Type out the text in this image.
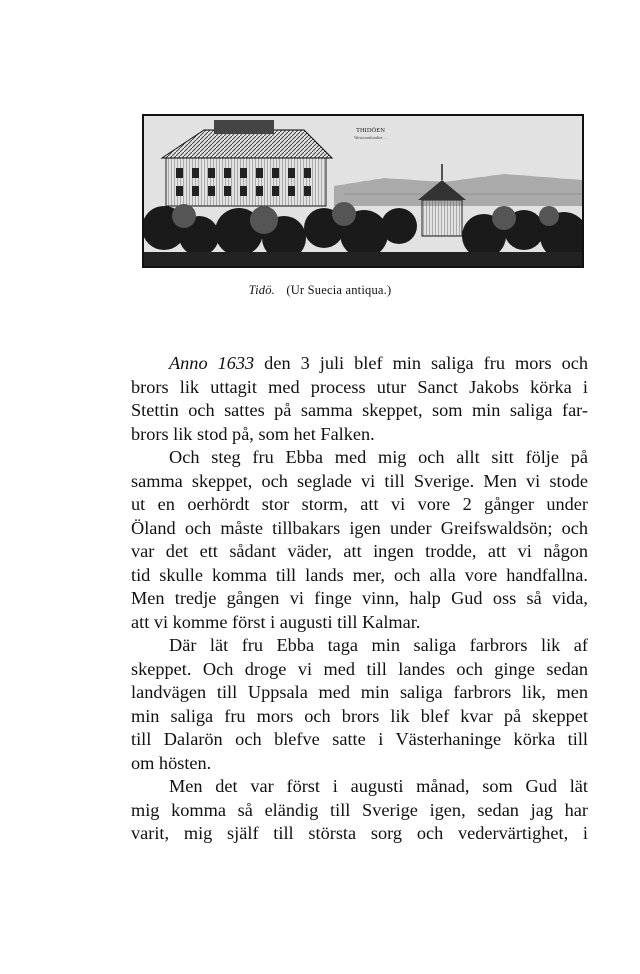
THIDÖEN
Westmanlandiæ ...
Tidö. (Ur Suecia antiqua.)
Anno 1633 den 3 juli blef min saliga fru mors och
brors lik uttagit med process utur Sanct Jakobs körka i
Stettin och sattes på samma skeppet, som min saliga far-
brors lik stod på, som het Falken.
Och steg fru Ebba med mig och allt sitt följe på
samma skeppet, och seglade vi till Sverige. Men vi stode
ut en oerhördt stor storm, att vi vore 2 gånger under
Öland och måste tillbakars igen under Greifswaldsön; och
var det ett sådant väder, att ingen trodde, att vi någon
tid skulle komma till lands mer, och alla vore handfallna.
Men tredje gången vi finge vinn, halp Gud oss så vida,
att vi komme först i augusti till Kalmar.
Där lät fru Ebba taga min saliga farbrors lik af
skeppet. Och droge vi med till landes och ginge sedan
landvägen till Uppsala med min saliga farbrors lik, men
min saliga fru mors och brors lik blef kvar på skeppet
till Dalarön och blefve satte i Västerhaninge körka till
om hösten.
Men det var först i augusti månad, som Gud lät
mig komma så eländig till Sverige igen, sedan jag har
varit, mig själf till största sorg och vedervärtighet, i
